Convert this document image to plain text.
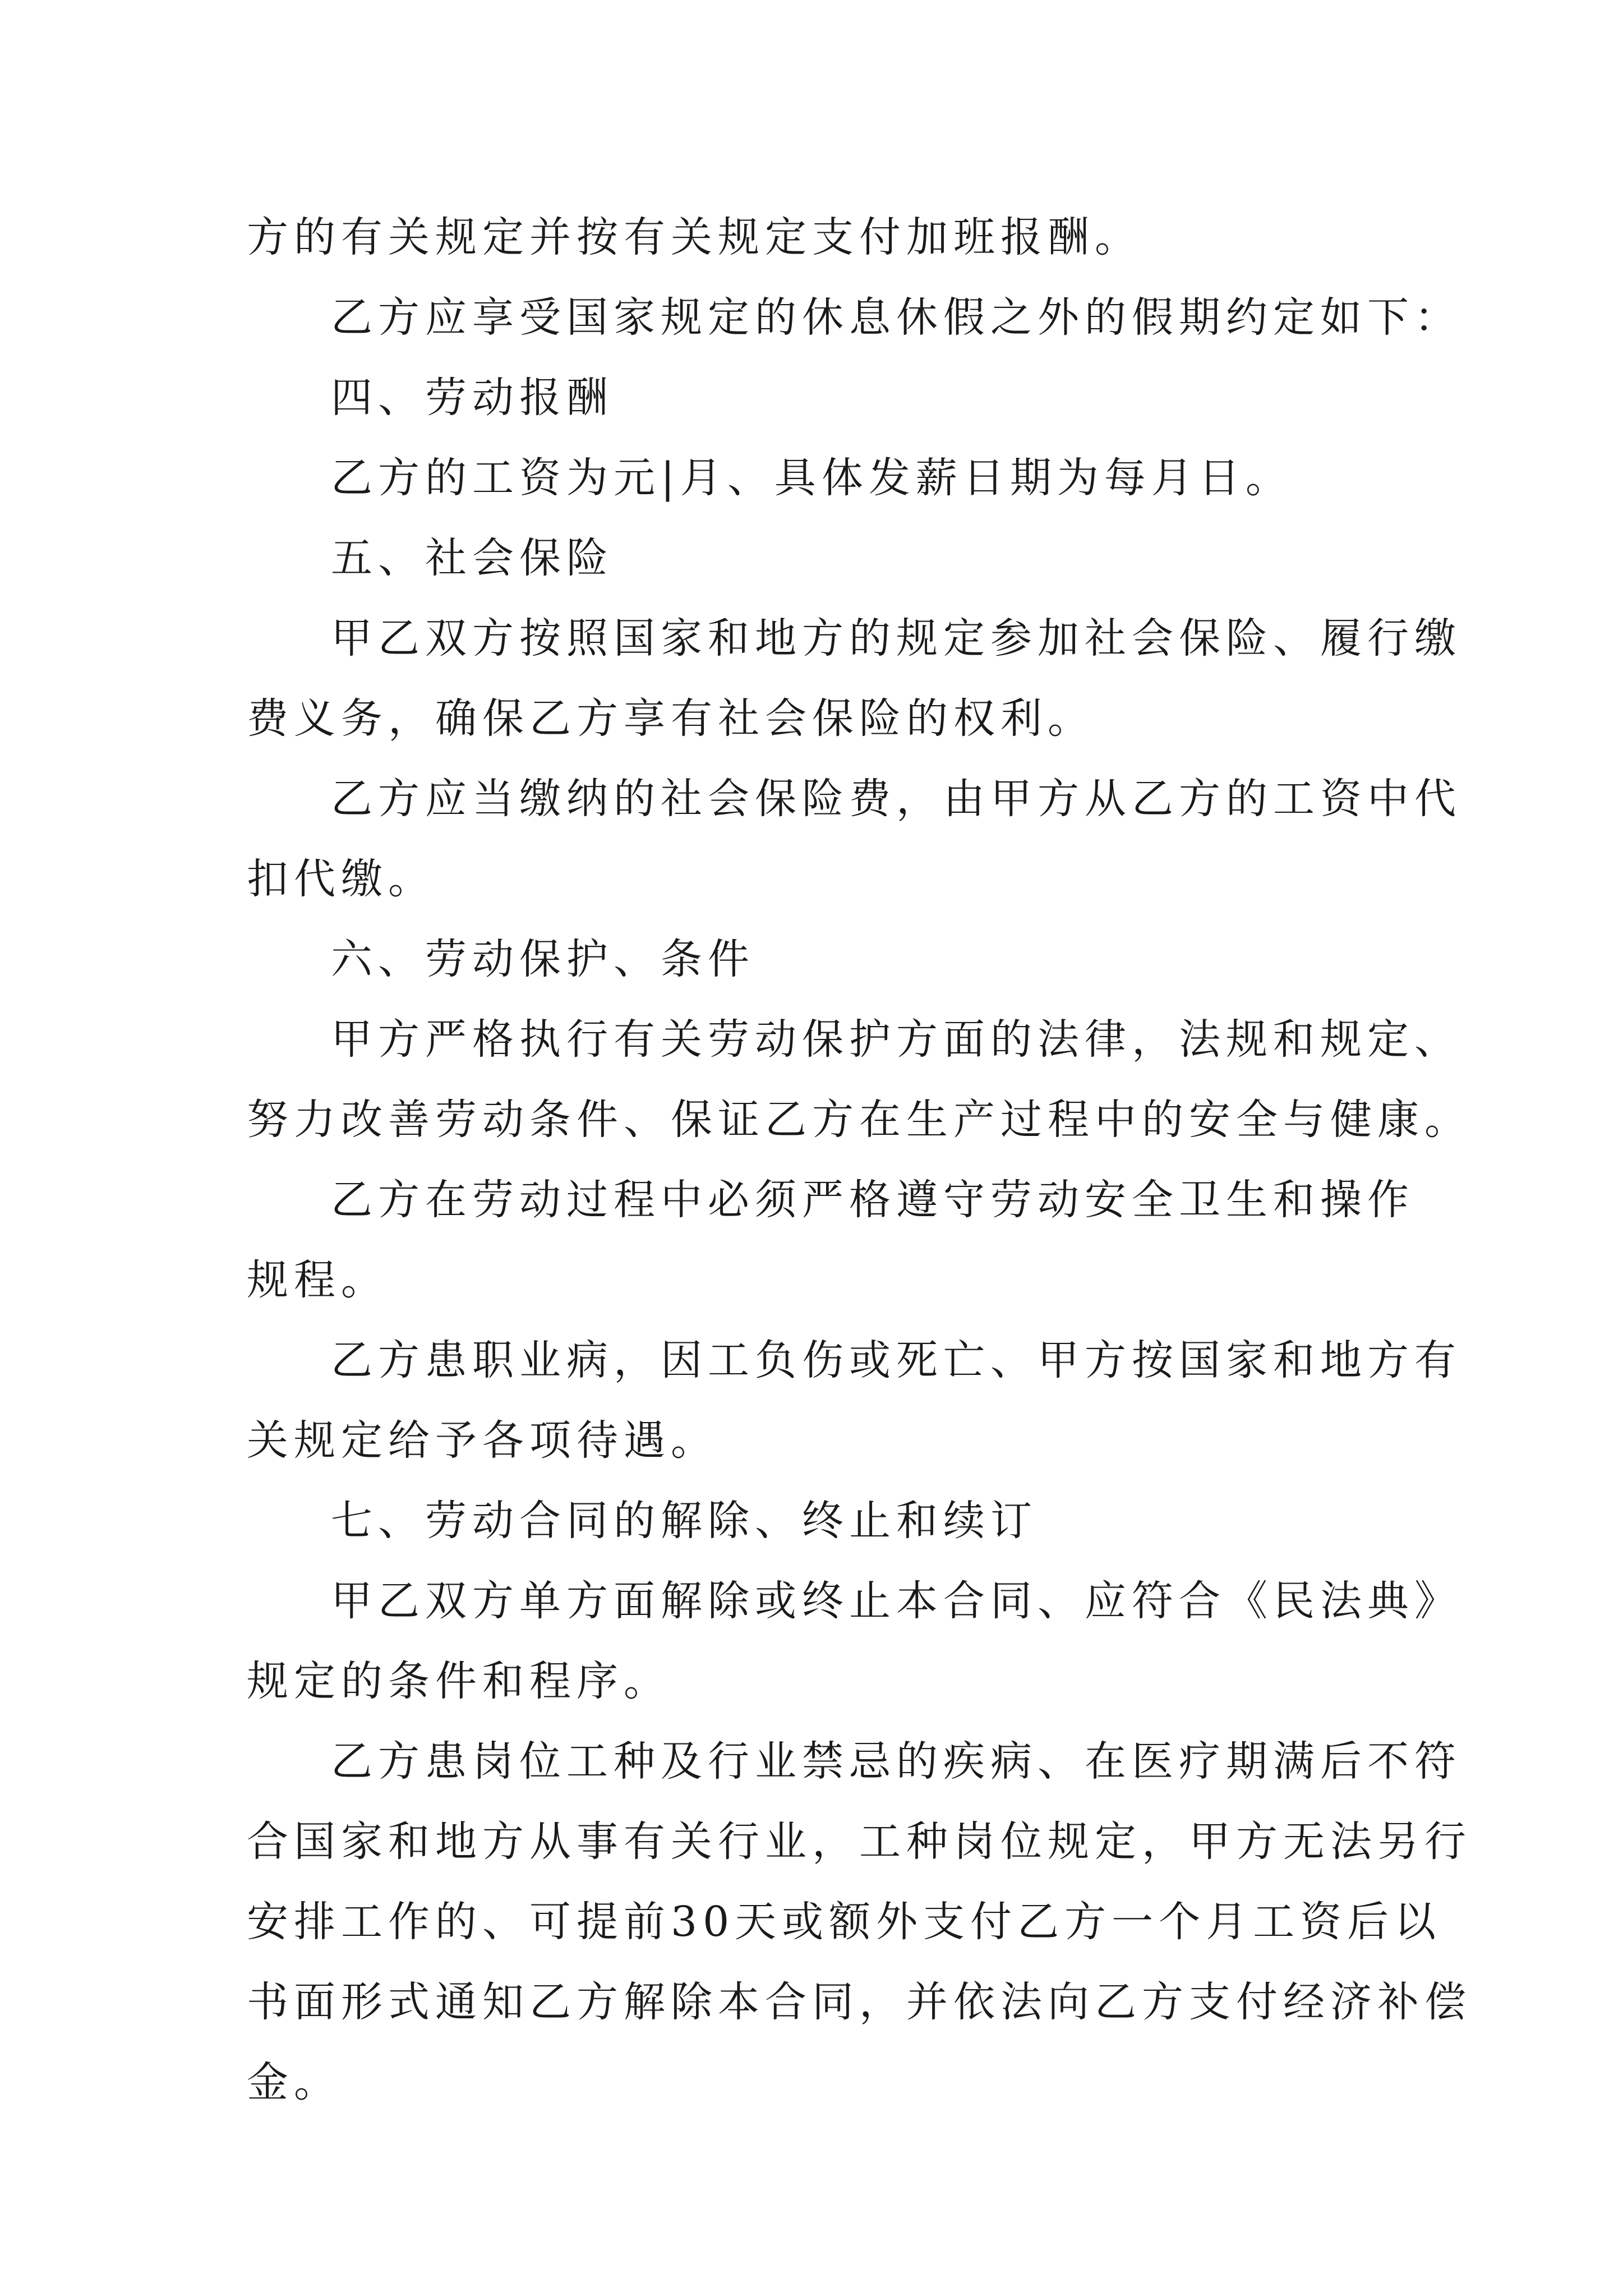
方的有关规定并按有关规定支付加班报酬。
乙方应享受国家规定的休息休假之外的假期约定如下：
四、劳动报酬
乙方的工资为元|月、具体发薪日期为每月日。
五、社会保险
甲乙双方按照国家和地方的规定参加社会保险、履行缴
费义务，确保乙方享有社会保险的权利。
乙方应当缴纳的社会保险费，由甲方从乙方的工资中代
扣代缴。
六、劳动保护、条件
甲方严格执行有关劳动保护方面的法律，法规和规定、
努力改善劳动条件、保证乙方在生产过程中的安全与健康。
乙方在劳动过程中必须严格遵守劳动安全卫生和操作
规程。
乙方患职业病，因工负伤或死亡、甲方按国家和地方有
关规定给予各项待遇。
七、劳动合同的解除、终止和续订
甲乙双方单方面解除或终止本合同、应符合《民法典》
规定的条件和程序。
乙方患岗位工种及行业禁忌的疾病、在医疗期满后不符
合国家和地方从事有关行业，工种岗位规定，甲方无法另行
安排工作的、可提前30天或额外支付乙方一个月工资后以
书面形式通知乙方解除本合同，并依法向乙方支付经济补偿
金。
